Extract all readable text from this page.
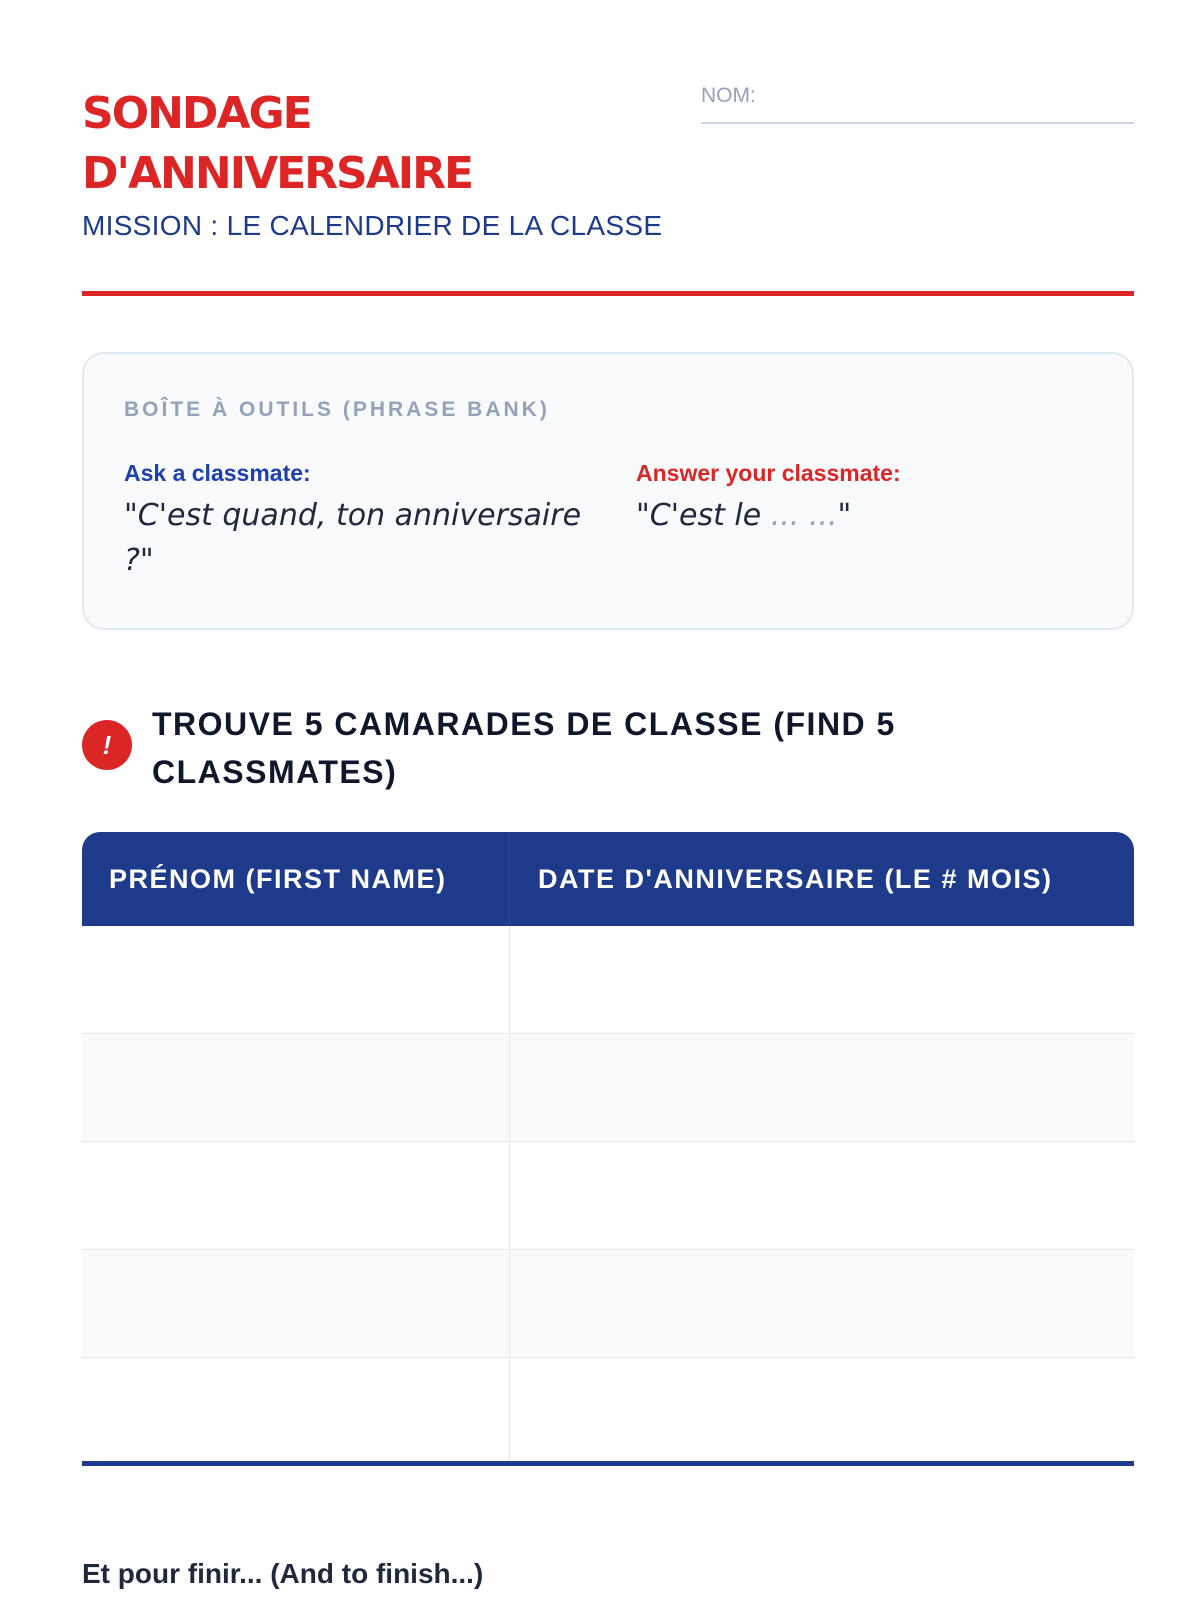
SONDAGE D'ANNIVERSAIRE
MISSION : LE CALENDRIER DE LA CLASSE
NOM:
BOÎTE À OUTILS (PHRASE BANK)
Ask a classmate:
"C'est quand, ton anniversaire ?"
Answer your classmate:
"C'est le ... ..."
!
TROUVE 5 CAMARADES DE CLASSE (FIND 5 CLASSMATES)
PRÉNOM (FIRST NAME)	DATE D'ANNIVERSAIRE (LE # MOIS)
Et pour finir... (And to finish...)
